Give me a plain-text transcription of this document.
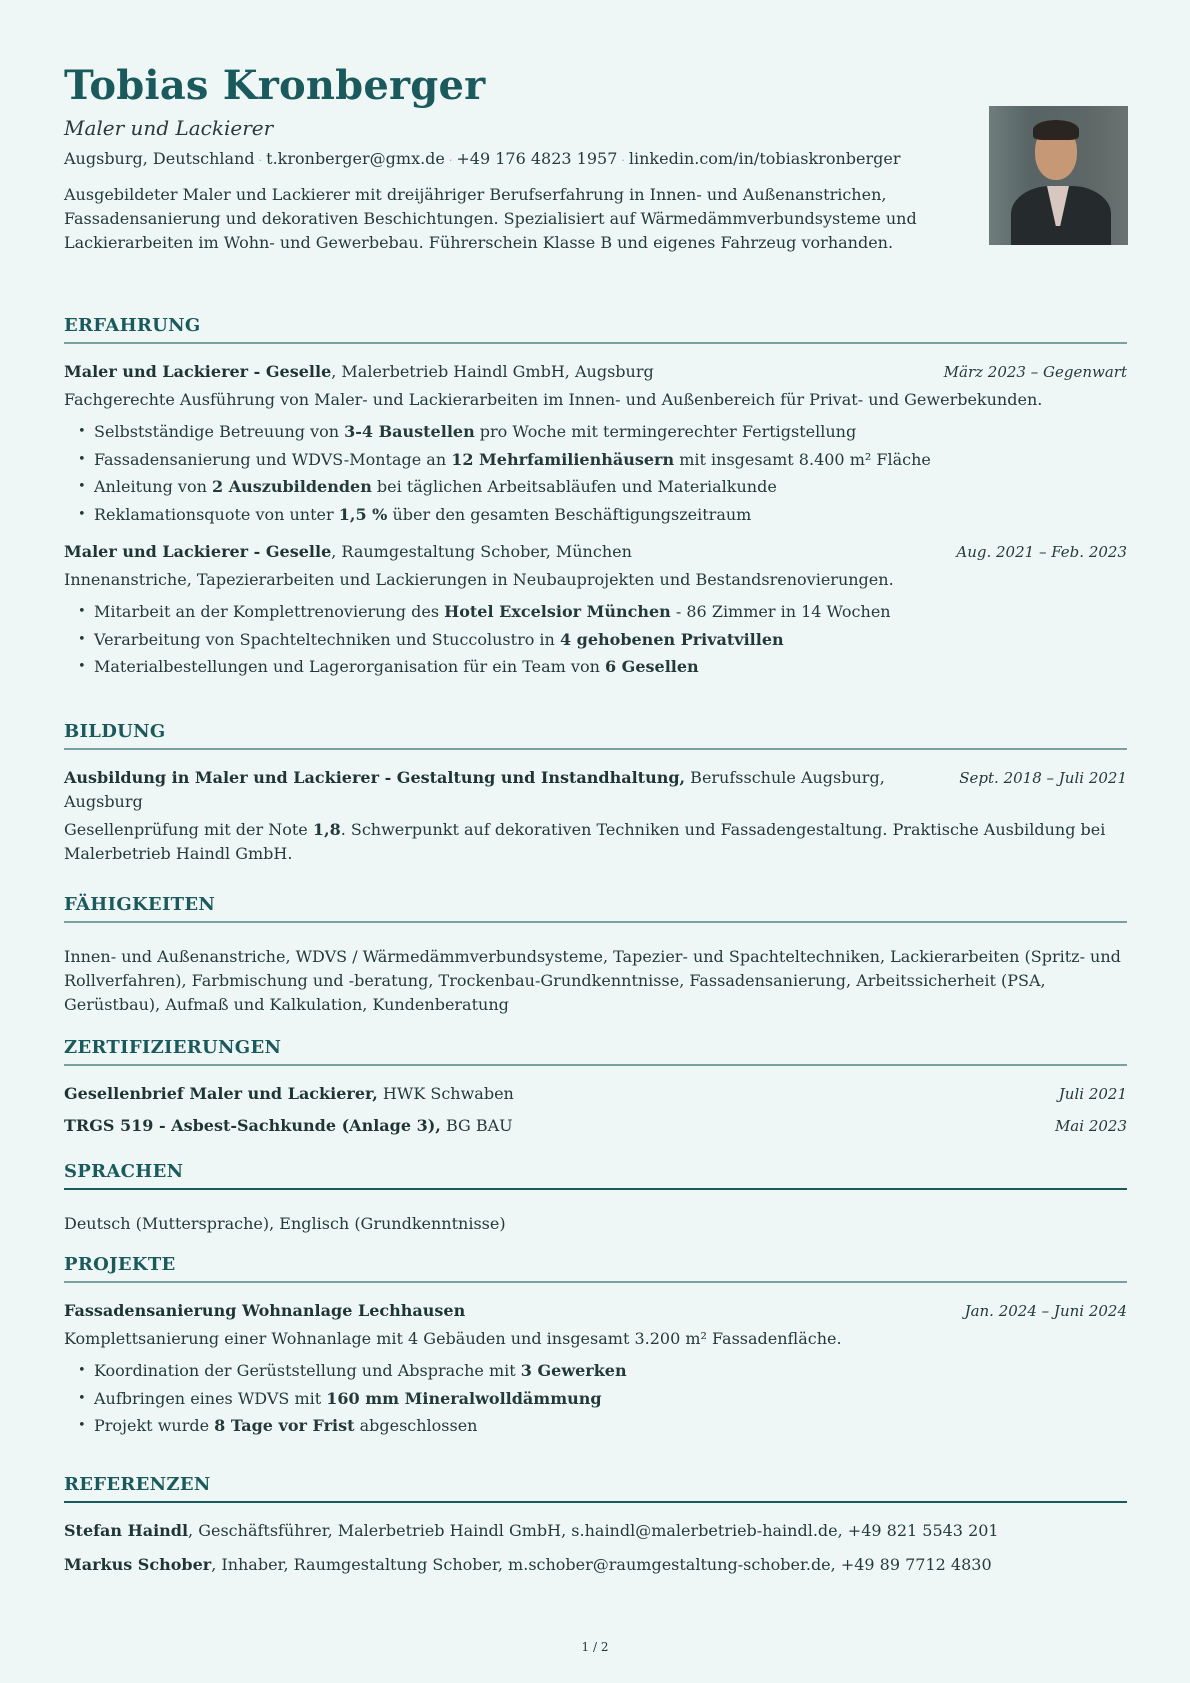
Tobias Kronberger
Maler und Lackierer
Augsburg, Deutschland · t.kronberger@gmx.de · +49 176 4823 1957 · linkedin.com/in/tobiaskronberger
Ausgebildeter Maler und Lackierer mit dreijähriger Berufserfahrung in Innen- und Außenanstrichen, Fassadensanierung und dekorativen Beschichtungen. Spezialisiert auf Wärmedämmverbundsysteme und Lackierarbeiten im Wohn- und Gewerbebau. Führerschein Klasse B und eigenes Fahrzeug vorhanden.
ERFAHRUNG
Maler und Lackierer - Geselle, Malerbetrieb Haindl GmbH, Augsburg	März 2023 – Gegenwart
Fachgerechte Ausführung von Maler- und Lackierarbeiten im Innen- und Außenbereich für Privat- und Gewerbekunden.
• Selbstständige Betreuung von 3-4 Baustellen pro Woche mit termingerechter Fertigstellung
• Fassadensanierung und WDVS-Montage an 12 Mehrfamilienhäusern mit insgesamt 8.400 m² Fläche
• Anleitung von 2 Auszubildenden bei täglichen Arbeitsabläufen und Materialkunde
• Reklamationsquote von unter 1,5 % über den gesamten Beschäftigungszeitraum
Maler und Lackierer - Geselle, Raumgestaltung Schober, München	Aug. 2021 – Feb. 2023
Innenanstriche, Tapezierarbeiten und Lackierungen in Neubauprojekten und Bestandsrenovierungen.
• Mitarbeit an der Komplettrenovierung des Hotel Excelsior München - 86 Zimmer in 14 Wochen
• Verarbeitung von Spachteltechniken und Stuccolustro in 4 gehobenen Privatvillen
• Materialbestellungen und Lagerorganisation für ein Team von 6 Gesellen
BILDUNG
Ausbildung in Maler und Lackierer - Gestaltung und Instandhaltung, Berufsschule Augsburg, Augsburg
Sept. 2018 – Juli 2021
Gesellenprüfung mit der Note 1,8. Schwerpunkt auf dekorativen Techniken und Fassadengestaltung. Praktische Ausbildung bei Malerbetrieb Haindl GmbH.
FÄHIGKEITEN
Innen- und Außenanstriche, WDVS / Wärmedämmverbundsysteme, Tapezier- und Spachteltechniken, Lackierarbeiten (Spritz- und Rollverfahren), Farbmischung und -beratung, Trockenbau-Grundkenntnisse, Fassadensanierung, Arbeitssicherheit (PSA, Gerüstbau), Aufmaß und Kalkulation, Kundenberatung
ZERTIFIZIERUNGEN
Gesellenbrief Maler und Lackierer, HWK Schwaben	Juli 2021
TRGS 519 - Asbest-Sachkunde (Anlage 3), BG BAU	Mai 2023
SPRACHEN
Deutsch (Muttersprache), Englisch (Grundkenntnisse)
PROJEKTE
Fassadensanierung Wohnanlage Lechhausen	Jan. 2024 – Juni 2024
Komplettsanierung einer Wohnanlage mit 4 Gebäuden und insgesamt 3.200 m² Fassadenfläche.
• Koordination der Gerüststellung und Absprache mit 3 Gewerken
• Aufbringen eines WDVS mit 160 mm Mineralwolldämmung
• Projekt wurde 8 Tage vor Frist abgeschlossen
REFERENZEN
Stefan Haindl, Geschäftsführer, Malerbetrieb Haindl GmbH, s.haindl@malerbetrieb-haindl.de, +49 821 5543 201
Markus Schober, Inhaber, Raumgestaltung Schober, m.schober@raumgestaltung-schober.de, +49 89 7712 4830
1 / 2
